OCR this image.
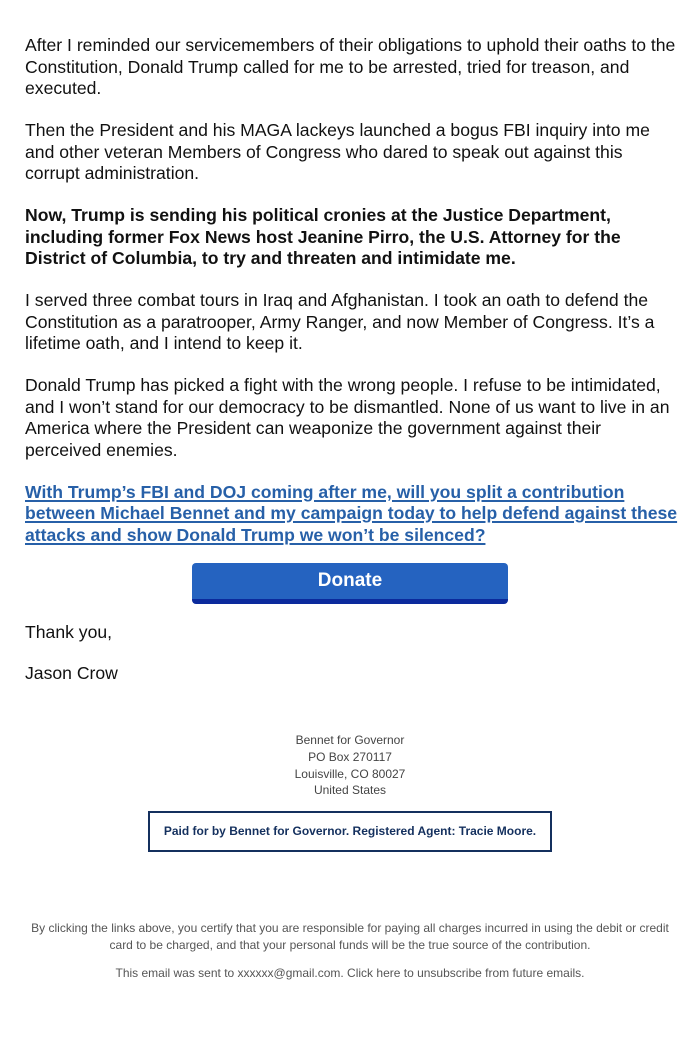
After I reminded our servicemembers of their obligations to uphold their oaths to the Constitution, Donald Trump called for me to be arrested, tried for treason, and executed.

Then the President and his MAGA lackeys launched a bogus FBI inquiry into me and other veteran Members of Congress who dared to speak out against this corrupt administration.

Now, Trump is sending his political cronies at the Justice Department, including former Fox News host Jeanine Pirro, the U.S. Attorney for the District of Columbia, to try and threaten and intimidate me.

I served three combat tours in Iraq and Afghanistan. I took an oath to defend the Constitution as a paratrooper, Army Ranger, and now Member of Congress. It’s a lifetime oath, and I intend to keep it.

Donald Trump has picked a fight with the wrong people. I refuse to be intimidated, and I won’t stand for our democracy to be dismantled. None of us want to live in an America where the President can weaponize the government against their perceived enemies.

With Trump’s FBI and DOJ coming after me, will you split a contribution between Michael Bennet and my campaign today to help defend against these attacks and show Donald Trump we won’t be silenced?

Donate
Thank you,
Jason Crow
Bennet for Governor
PO Box 270117
Louisville, CO 80027
United States
Paid for by Bennet for Governor. Registered Agent: Tracie Moore.
By clicking the links above, you certify that you are responsible for paying all charges incurred in using the debit or credit card to be charged, and that your personal funds will be the true source of the contribution.
This email was sent to xxxxxx@gmail.com. Click here to unsubscribe from future emails.
